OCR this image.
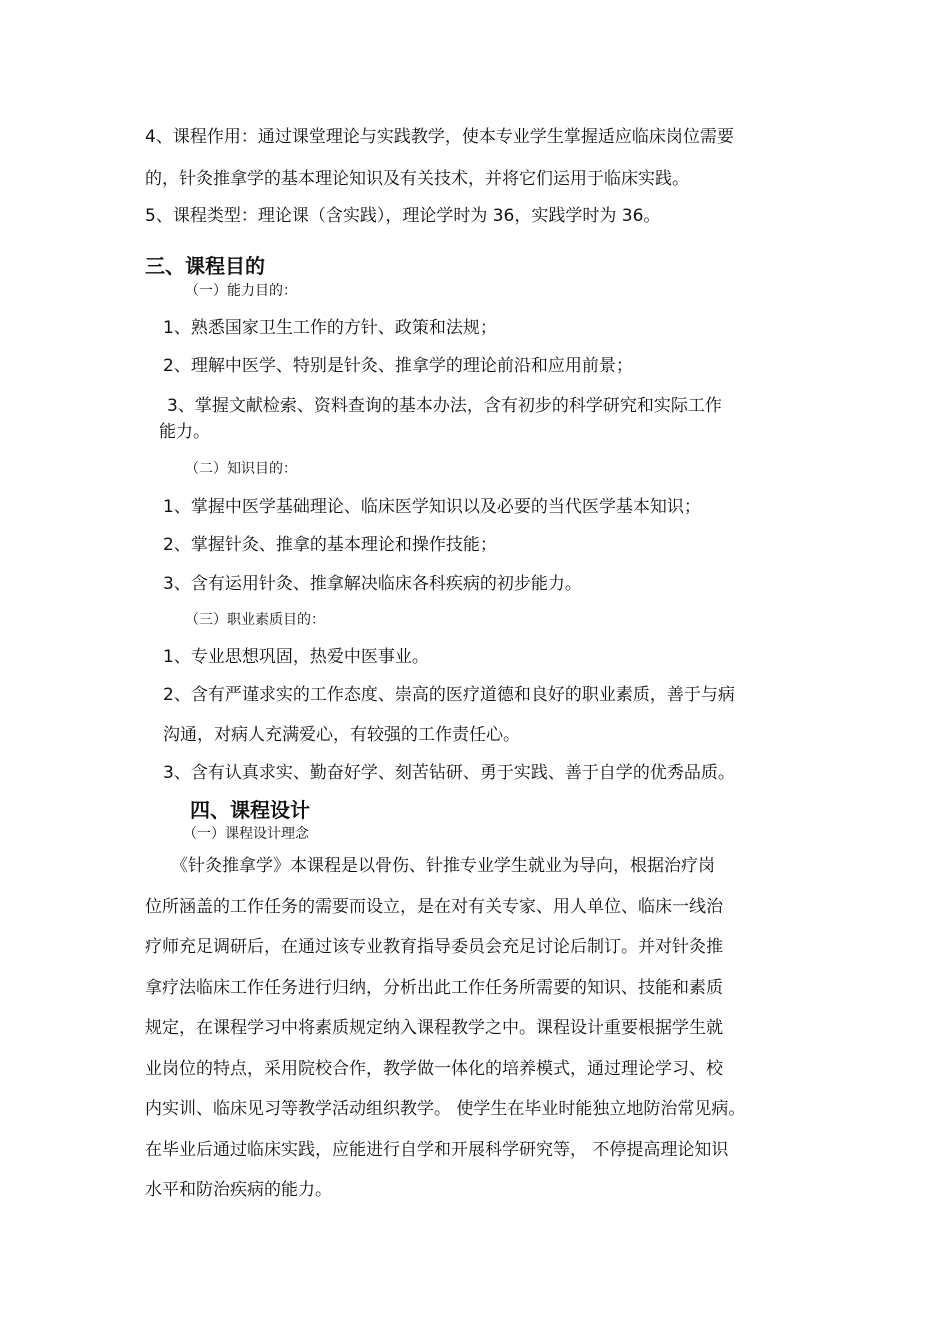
4、课程作用：通过课堂理论与实践教学，使本专业学生掌握适应临床岗位需要
的，针灸推拿学的基本理论知识及有关技术，并将它们运用于临床实践。
5、课程类型：理论课（含实践），理论学时为 36，实践学时为 36。
三、课程目的
（一）能力目的：
1、熟悉国家卫生工作的方针、政策和法规；
2、理解中医学、特别是针灸、推拿学的理论前沿和应用前景；
3、掌握文献检索、资料查询的基本办法，含有初步的科学研究和实际工作
能力。
（二）知识目的：
1、掌握中医学基础理论、临床医学知识以及必要的当代医学基本知识；
2、掌握针灸、推拿的基本理论和操作技能；
3、含有运用针灸、推拿解决临床各科疾病的初步能力。
（三）职业素质目的：
1、专业思想巩固，热爱中医事业。
2、含有严谨求实的工作态度、崇高的医疗道德和良好的职业素质，善于与病
沟通，对病人充满爱心，有较强的工作责任心。
3、含有认真求实、勤奋好学、刻苦钻研、勇于实践、善于自学的优秀品质。
四、课程设计
（一）课程设计理念
《针灸推拿学》本课程是以骨伤、针推专业学生就业为导向，根据治疗岗
位所涵盖的工作任务的需要而设立，是在对有关专家、用人单位、临床一线治
疗师充足调研后，在通过该专业教育指导委员会充足讨论后制订。并对针灸推
拿疗法临床工作任务进行归纳，分析出此工作任务所需要的知识、技能和素质
规定，在课程学习中将素质规定纳入课程教学之中。课程设计重要根据学生就
业岗位的特点，采用院校合作，教学做一体化的培养模式，通过理论学习、校
内实训、临床见习等教学活动组织教学。 使学生在毕业时能独立地防治常见病。
在毕业后通过临床实践，应能进行自学和开展科学研究等， 不停提高理论知识
水平和防治疾病的能力。
